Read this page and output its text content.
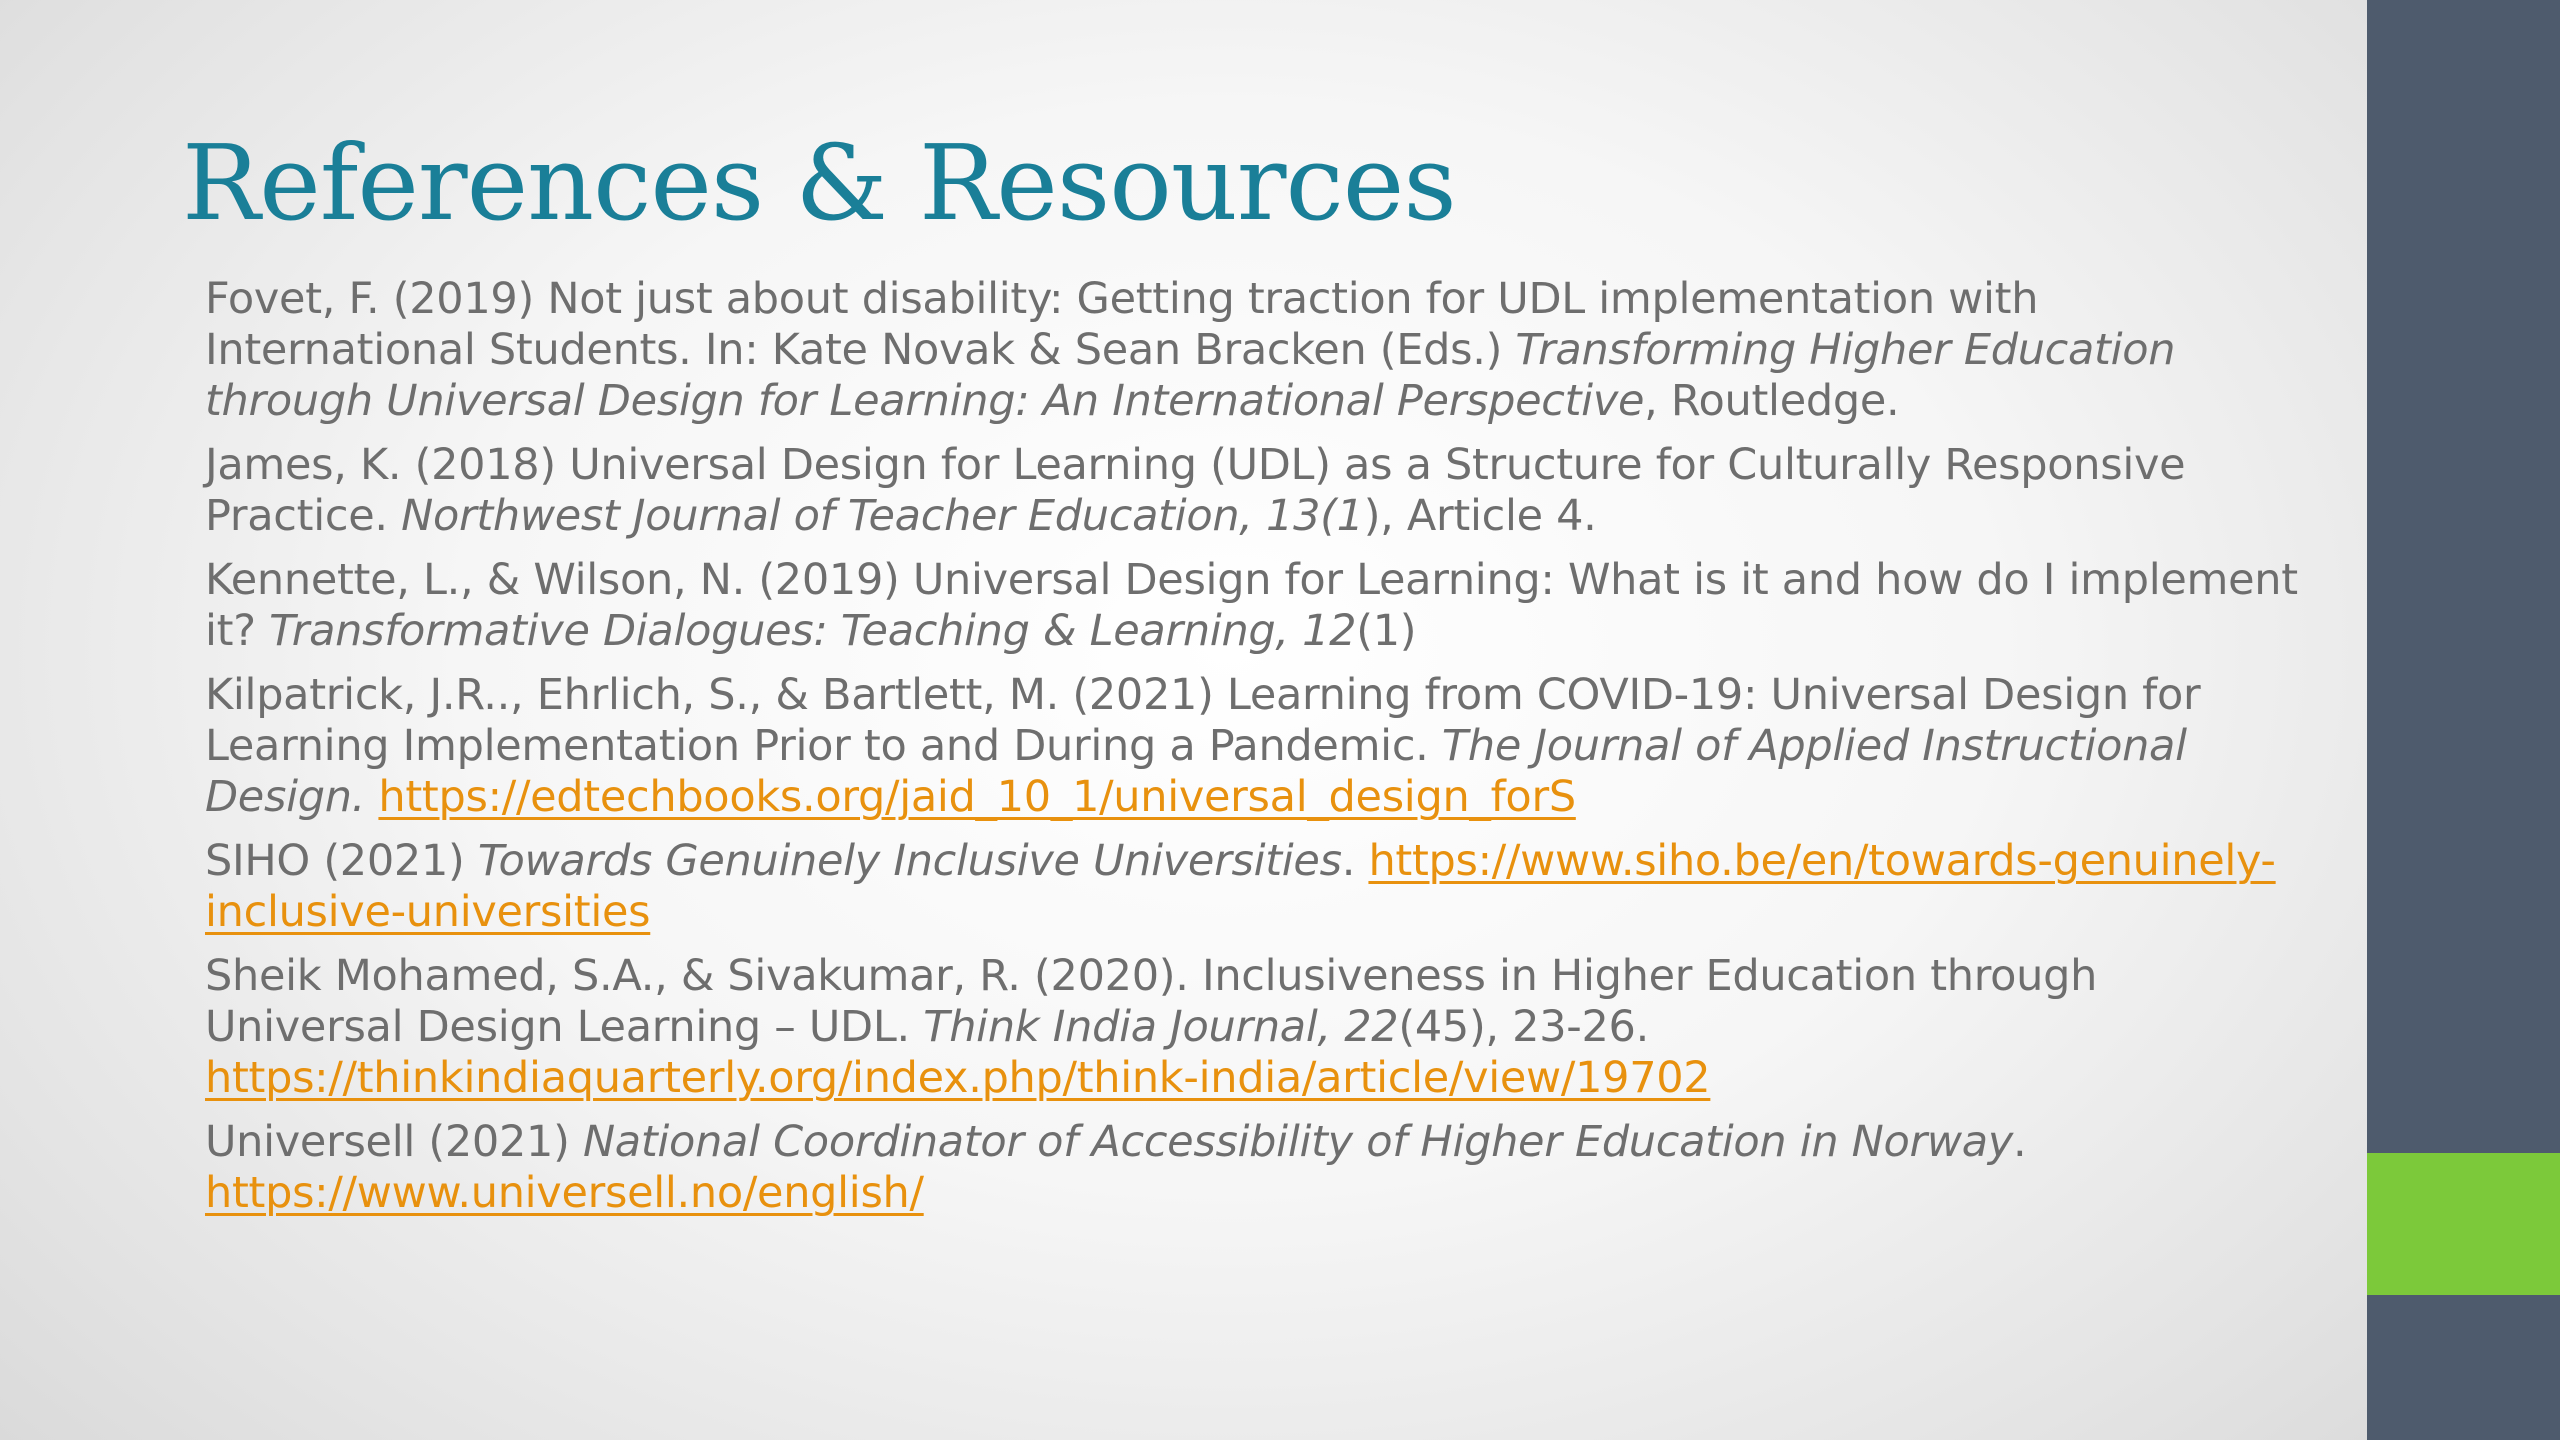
References & Resources
Fovet, F. (2019) Not just about disability: Getting traction for UDL implementation with International Students. In: Kate Novak & Sean Bracken (Eds.) Transforming Higher Education through Universal Design for Learning: An International Perspective, Routledge.
James, K. (2018) Universal Design for Learning (UDL) as a Structure for Culturally Responsive Practice. Northwest Journal of Teacher Education, 13(1), Article 4.
Kennette, L., & Wilson, N. (2019) Universal Design for Learning: What is it and how do I implement it? Transformative Dialogues: Teaching & Learning, 12(1)
Kilpatrick, J.R.., Ehrlich, S., & Bartlett, M. (2021) Learning from COVID-19: Universal Design for Learning Implementation Prior to and During a Pandemic. The Journal of Applied Instructional Design. https://edtechbooks.org/jaid_10_1/universal_design_forS
SIHO (2021) Towards Genuinely Inclusive Universities. https://www.siho.be/en/towards-genuinely-inclusive-universities
Sheik Mohamed, S.A., & Sivakumar, R. (2020). Inclusiveness in Higher Education through Universal Design Learning – UDL. Think India Journal, 22(45), 23-26. https://thinkindiaquarterly.org/index.php/think-india/article/view/19702
Universell (2021) National Coordinator of Accessibility of Higher Education in Norway. https://www.universell.no/english/
